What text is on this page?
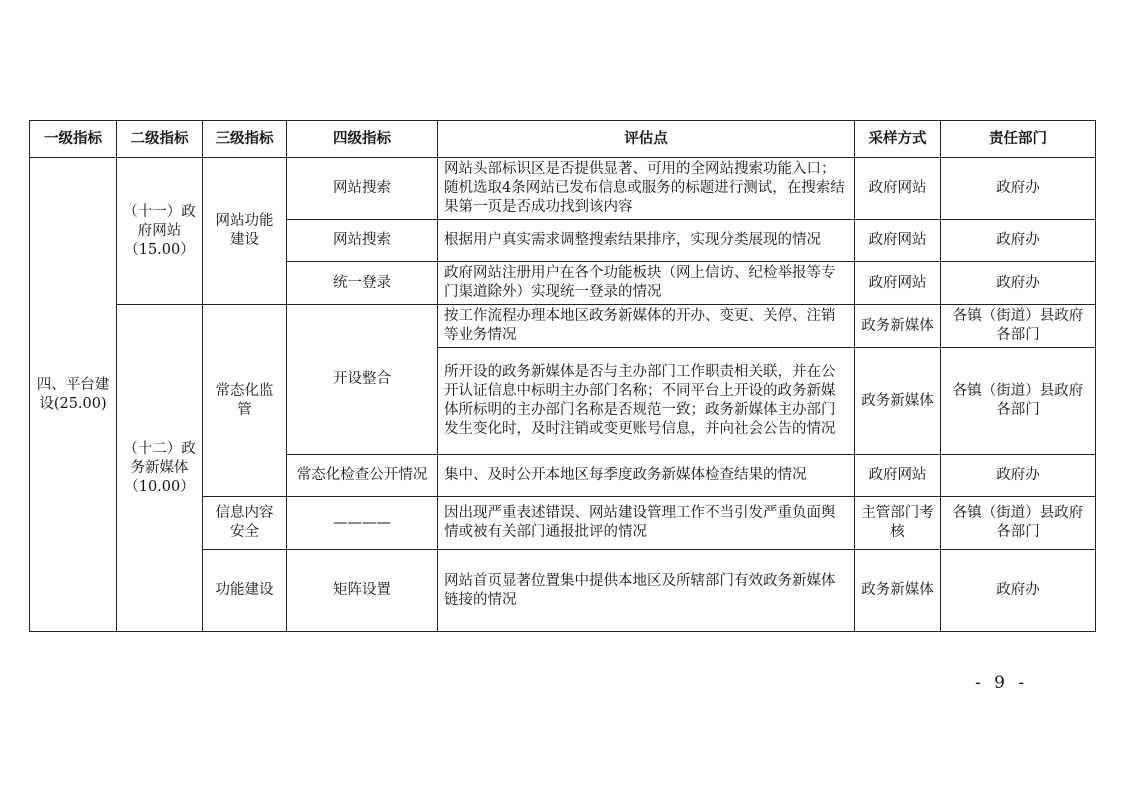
一级指标	二级指标	三级指标	四级指标	评估点	采样方式	责任部门
四、平台建设(25.00)	（十一）政府网站（15.00）	网站功能建设	网站搜索	网站头部标识区是否提供显著、可用的全网站搜索功能入口；随机选取4条网站已发布信息或服务的标题进行测试，在搜索结果第一页是否成功找到该内容	政府网站	政府办
			网站搜索	根据用户真实需求调整搜索结果排序，实现分类展现的情况	政府网站	政府办
			统一登录	政府网站注册用户在各个功能板块（网上信访、纪检举报等专门渠道除外）实现统一登录的情况	政府网站	政府办
	（十二）政务新媒体（10.00）	常态化监管	开设整合	按工作流程办理本地区政务新媒体的开办、变更、关停、注销等业务情况	政务新媒体	各镇（街道）县政府各部门
				所开设的政务新媒体是否与主办部门工作职责相关联，并在公开认证信息中标明主办部门名称；不同平台上开设的政务新媒体所标明的主办部门名称是否规范一致；政务新媒体主办部门发生变化时，及时注销或变更账号信息，并向社会公告的情况	政务新媒体	各镇（街道）县政府各部门
			常态化检查公开情况	集中、及时公开本地区每季度政务新媒体检查结果的情况	政府网站	政府办
		信息内容安全	————	因出现严重表述错误、网站建设管理工作不当引发严重负面舆情或被有关部门通报批评的情况	主管部门考核	各镇（街道）县政府各部门
		功能建设	矩阵设置	网站首页显著位置集中提供本地区及所辖部门有效政务新媒体链接的情况	政务新媒体	政府办
- 9 -
